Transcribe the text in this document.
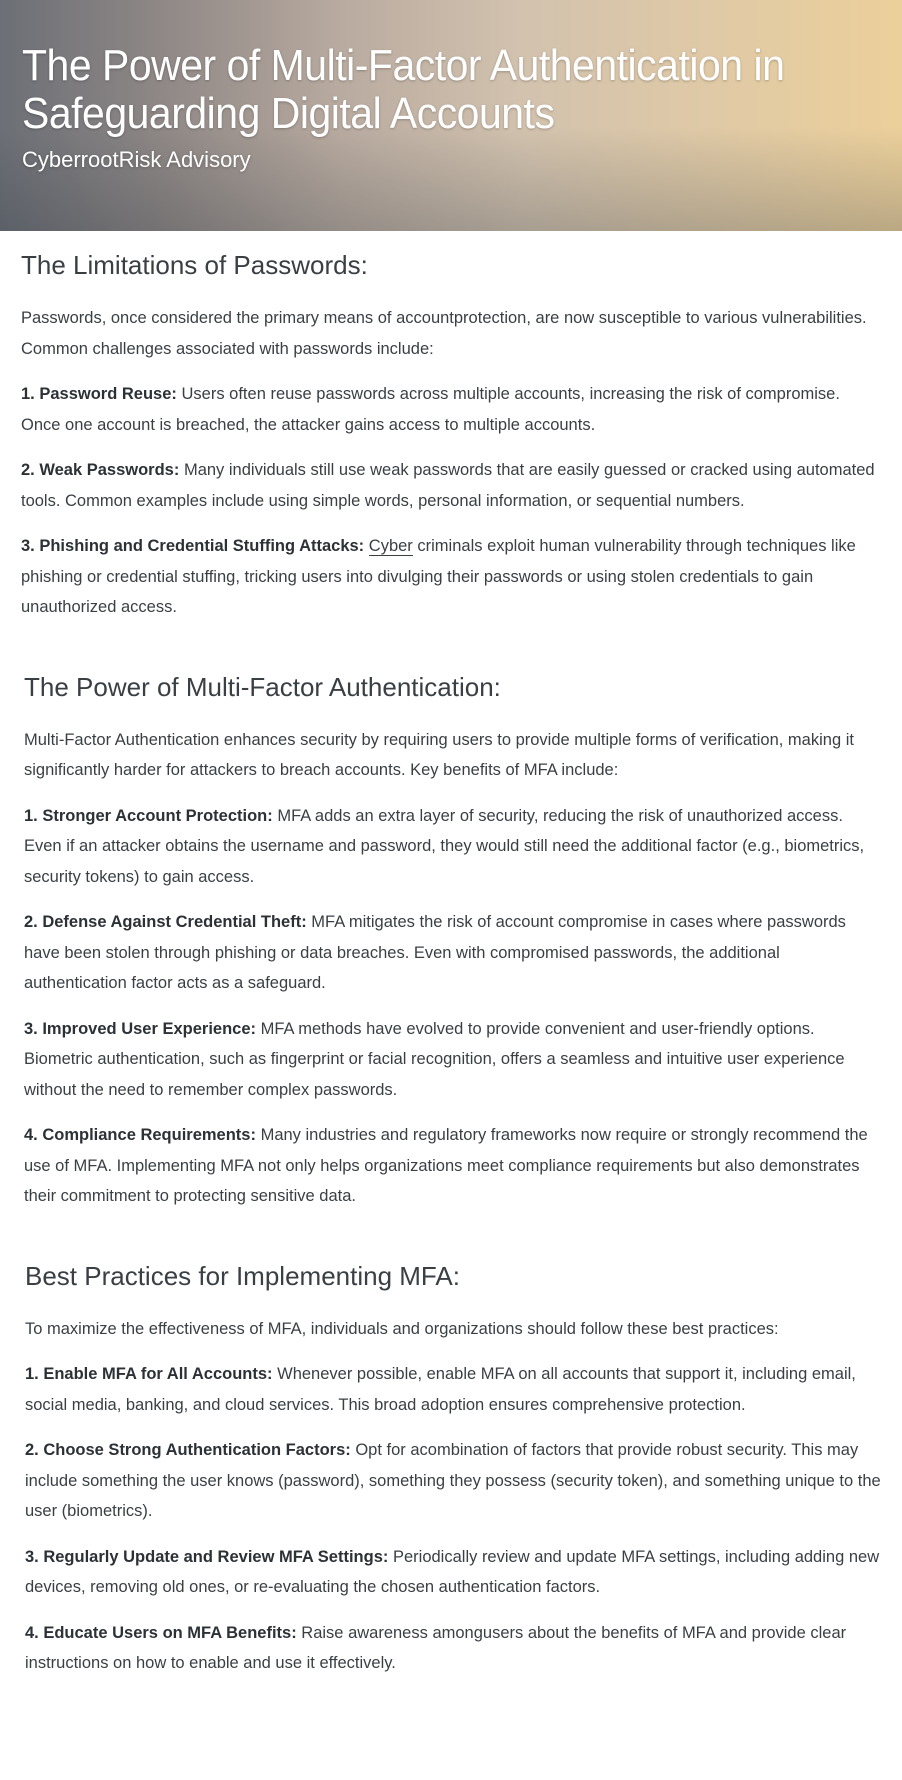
The Power of Multi-Factor Authentication in Safeguarding Digital Accounts
CyberrootRisk Advisory
The Limitations of Passwords:

Passwords, once considered the primary means of accountprotection, are now susceptible to various vulnerabilities. Common challenges associated with passwords include:

1. Password Reuse: Users often reuse passwords across multiple accounts, increasing the risk of compromise. Once one account is breached, the attacker gains access to multiple accounts.

2. Weak Passwords: Many individuals still use weak passwords that are easily guessed or cracked using automated tools. Common examples include using simple words, personal information, or sequential numbers.

3. Phishing and Credential Stuffing Attacks: Cyber criminals exploit human vulnerability through techniques like phishing or credential stuffing, tricking users into divulging their passwords or using stolen credentials to gain unauthorized access.

The Power of Multi-Factor Authentication:

Multi-Factor Authentication enhances security by requiring users to provide multiple forms of verification, making it significantly harder for attackers to breach accounts. Key benefits of MFA include:

1. Stronger Account Protection: MFA adds an extra layer of security, reducing the risk of unauthorized access. Even if an attacker obtains the username and password, they would still need the additional factor (e.g., biometrics, security tokens) to gain access.

2. Defense Against Credential Theft: MFA mitigates the risk of account compromise in cases where passwords have been stolen through phishing or data breaches. Even with compromised passwords, the additional authentication factor acts as a safeguard.

3. Improved User Experience: MFA methods have evolved to provide convenient and user-friendly options. Biometric authentication, such as fingerprint or facial recognition, offers a seamless and intuitive user experience without the need to remember complex passwords.

4. Compliance Requirements: Many industries and regulatory frameworks now require or strongly recommend the use of MFA. Implementing MFA not only helps organizations meet compliance requirements but also demonstrates their commitment to protecting sensitive data.

Best Practices for Implementing MFA:

To maximize the effectiveness of MFA, individuals and organizations should follow these best practices:

1. Enable MFA for All Accounts: Whenever possible, enable MFA on all accounts that support it, including email, social media, banking, and cloud services. This broad adoption ensures comprehensive protection.

2. Choose Strong Authentication Factors: Opt for acombination of factors that provide robust security. This may include something the user knows (password), something they possess (security token), and something unique to the user (biometrics).

3. Regularly Update and Review MFA Settings: Periodically review and update MFA settings, including adding new devices, removing old ones, or re-evaluating the chosen authentication factors.

4. Educate Users on MFA Benefits: Raise awareness amongusers about the benefits of MFA and provide clear instructions on how to enable and use it effectively.
